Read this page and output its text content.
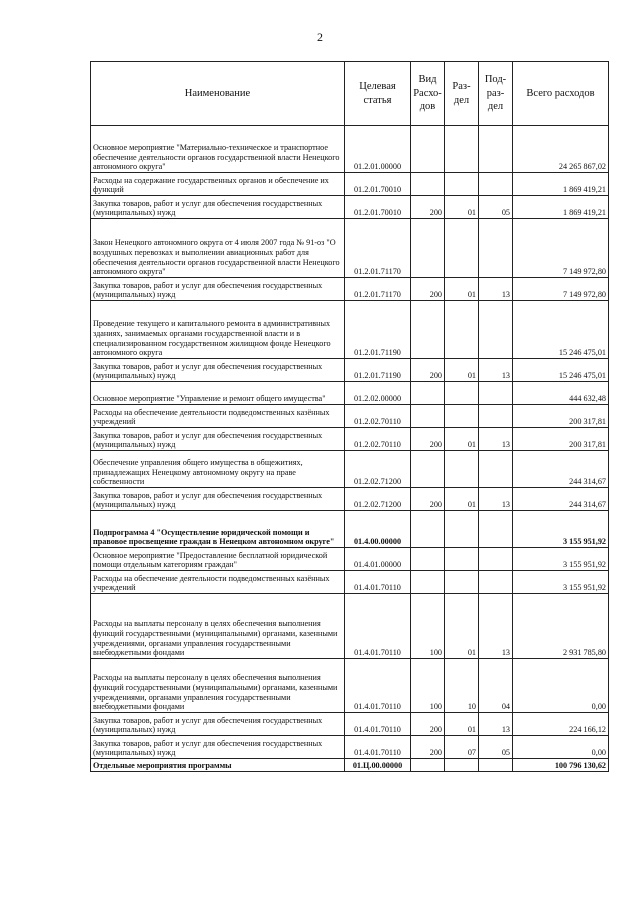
2
Наименование	Целевая статья	Вид Расхо-дов	Раз-дел	Под-раз-дел	Всего расходов
Основное мероприятие "Материально-техническое и транспортное обеспечение деятельности органов государственной власти Ненецкого автономного округа"	01.2.01.00000				24 265 867,02
Расходы на содержание государственных органов и обеспечение их функций	01.2.01.70010				1 869 419,21
Закупка товаров, работ и услуг для обеспечения государственных (муниципальных) нужд	01.2.01.70010	200	01	05	1 869 419,21
Закон Ненецкого автономного округа от 4 июля 2007 года № 91-оз "О воздушных перевозках и выполнении авиационных работ для обеспечения деятельности органов государственной власти Ненецкого автономного округа"	01.2.01.71170				7 149 972,80
Закупка товаров, работ и услуг для обеспечения государственных (муниципальных) нужд	01.2.01.71170	200	01	13	7 149 972,80
Проведение текущего и капитального ремонта в административных зданиях, занимаемых органами государственной власти и в специализированном государственном жилищном фонде Ненецкого автономного округа	01.2.01.71190				15 246 475,01
Закупка товаров, работ и услуг для обеспечения государственных (муниципальных) нужд	01.2.01.71190	200	01	13	15 246 475,01
Основное мероприятие "Управление и ремонт общего имущества"	01.2.02.00000				444 632,48
Расходы на обеспечение деятельности подведомственных казённых учреждений	01.2.02.70110				200 317,81
Закупка товаров, работ и услуг для обеспечения государственных (муниципальных) нужд	01.2.02.70110	200	01	13	200 317,81
Обеспечение управления общего имущества в общежитиях, принадлежащих Ненецкому автономному округу на праве собственности	01.2.02.71200				244 314,67
Закупка товаров, работ и услуг для обеспечения государственных (муниципальных) нужд	01.2.02.71200	200	01	13	244 314,67
Подпрограмма 4 "Осуществление юридической помощи и правовое просвещение граждан в Ненецком автономном округе"	01.4.00.00000				3 155 951,92
Основное мероприятие "Предоставление бесплатной юридической помощи отдельным категориям граждан"	01.4.01.00000				3 155 951,92
Расходы на обеспечение деятельности подведомственных казённых учреждений	01.4.01.70110				3 155 951,92
Расходы на выплаты персоналу в целях обеспечения выполнения функций государственными (муниципальными) органами, казенными учреждениями, органами управления государственными внебюджетными фондами	01.4.01.70110	100	01	13	2 931 785,80
Расходы на выплаты персоналу в целях обеспечения выполнения функций государственными (муниципальными) органами, казенными учреждениями, органами управления государственными внебюджетными фондами	01.4.01.70110	100	10	04	0,00
Закупка товаров, работ и услуг для обеспечения государственных (муниципальных) нужд	01.4.01.70110	200	01	13	224 166,12
Закупка товаров, работ и услуг для обеспечения государственных (муниципальных) нужд	01.4.01.70110	200	07	05	0,00
Отдельные мероприятия программы	01.Ц.00.00000				100 796 130,62
